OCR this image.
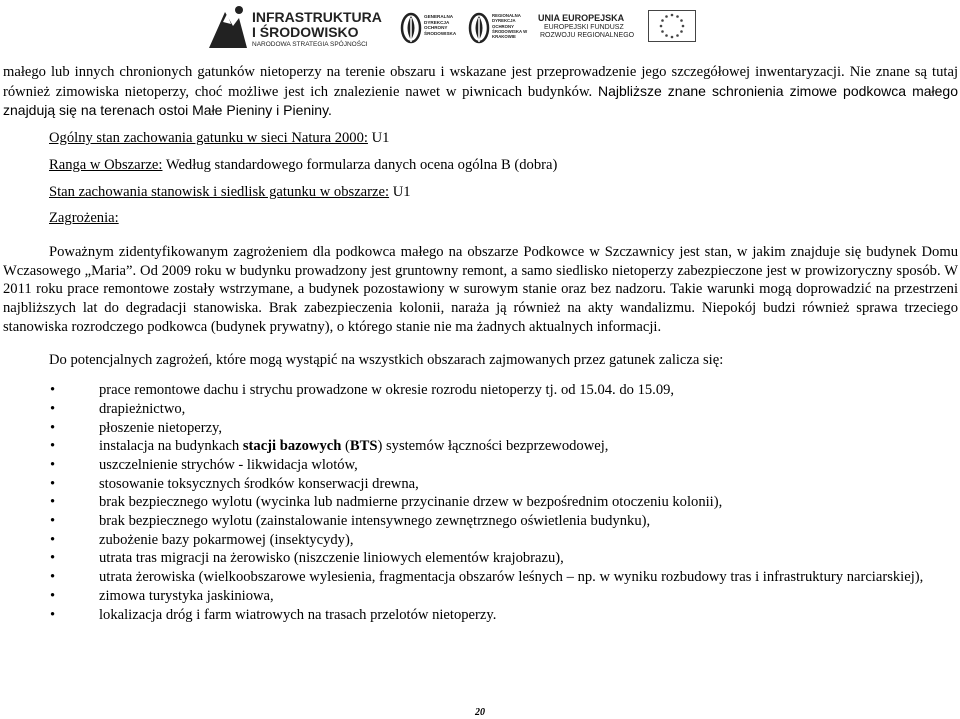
INFRASTRUKTURA
I ŚRODOWISKO
NARODOWA STRATEGIA SPÓJNOŚCI
GENERALNA DYREKCJA OCHRONY ŚRODOWISKA
REGIONALNA DYREKCJA OCHRONY ŚRODOWISKA W KRAKOWIE
UNIA EUROPEJSKA
EUROPEJSKI FUNDUSZ
ROZWOJU REGIONALNEGO

małego lub innych chronionych gatunków nietoperzy na terenie obszaru i wskazane jest przeprowadzenie jego szczegółowej inwentaryzacji. Nie znane są tutaj również zimowiska nietoperzy, choć możliwe jest ich znalezienie nawet w piwnicach budynków. Najbliższe znane schronienia zimowe podkowca małego znajdują się na terenach ostoi Małe Pieniny i Pieniny.

Ogólny stan zachowania gatunku w sieci Natura 2000: U1

Ranga w Obszarze: Według standardowego formularza danych ocena ogólna B (dobra)

Stan zachowania stanowisk i siedlisk gatunku w obszarze: U1

Zagrożenia:

Poważnym zidentyfikowanym zagrożeniem dla podkowca małego na obszarze Podkowce w Szczawnicy jest stan, w jakim znajduje się budynek Domu Wczasowego „Maria”. Od 2009 roku w budynku prowadzony jest gruntowny remont, a samo siedlisko nietoperzy zabezpieczone jest w prowizoryczny sposób. W 2011 roku prace remontowe zostały wstrzymane, a budynek pozostawiony w surowym stanie oraz bez nadzoru. Takie warunki mogą doprowadzić na przestrzeni najbliższych lat do degradacji stanowiska. Brak zabezpieczenia kolonii, naraża ją również na akty wandalizmu. Niepokój budzi również sprawa trzeciego stanowiska rozrodczego podkowca (budynek prywatny), o którego stanie nie ma żadnych aktualnych informacji.

Do potencjalnych zagrożeń, które mogą wystąpić na wszystkich obszarach zajmowanych przez gatunek zalicza się:

•	prace remontowe dachu i strychu prowadzone w okresie rozrodu nietoperzy tj. od 15.04. do 15.09,
•	drapieżnictwo,
•	płoszenie nietoperzy,
•	instalacja na budynkach stacji bazowych (BTS) systemów łączności bezprzewodowej,
•	uszczelnienie strychów - likwidacja wlotów,
•	stosowanie toksycznych środków konserwacji drewna,
•	brak bezpiecznego wylotu (wycinka lub nadmierne przycinanie drzew w bezpośrednim otoczeniu kolonii),
•	brak bezpiecznego wylotu (zainstalowanie intensywnego zewnętrznego oświetlenia budynku),
•	zubożenie bazy pokarmowej (insektycydy),
•	utrata tras migracji na żerowisko (niszczenie liniowych elementów krajobrazu),
•	utrata żerowiska (wielkoobszarowe wylesienia, fragmentacja obszarów leśnych – np. w wyniku rozbudowy tras i infrastruktury narciarskiej),
•	zimowa turystyka jaskiniowa,
•	lokalizacja dróg i farm wiatrowych na trasach przelotów nietoperzy.
20
